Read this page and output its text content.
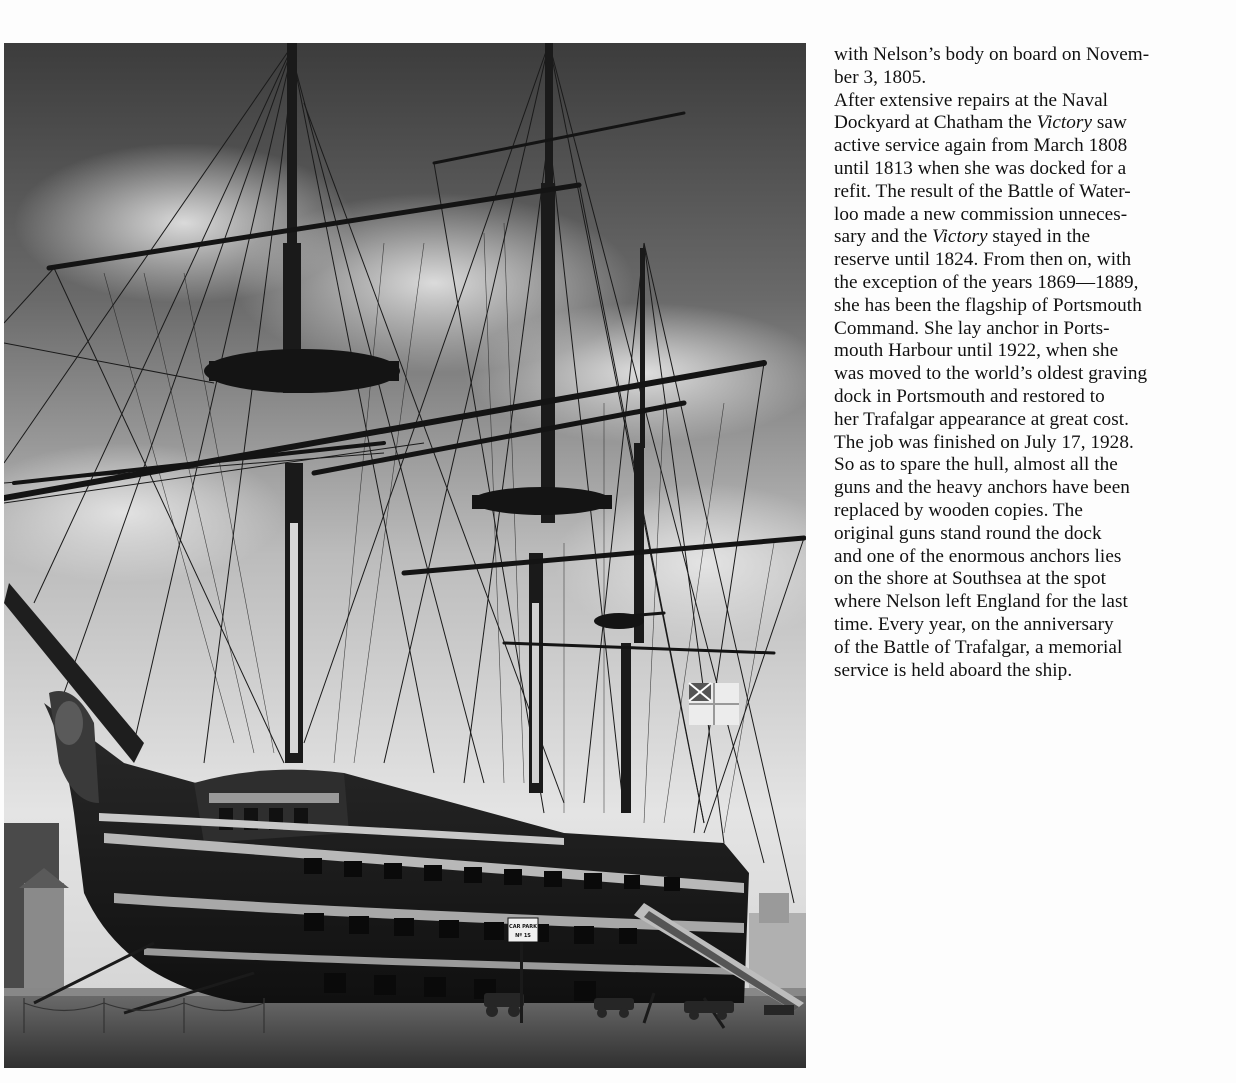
CAR PARK
Nº 1S
with Nelson’s body on board on Novem-
ber 3, 1805.
After extensive repairs at the Naval
Dockyard at Chatham the Victory saw
active service again from March 1808
until 1813 when she was docked for a
refit. The result of the Battle of Water-
loo made a new commission unneces-
sary and the Victory stayed in the
reserve until 1824. From then on, with
the exception of the years 1869—1889,
she has been the flagship of Portsmouth
Command. She lay anchor in Ports-
mouth Harbour until 1922, when she
was moved to the world’s oldest graving
dock in Portsmouth and restored to
her Trafalgar appearance at great cost.
The job was finished on July 17, 1928.
So as to spare the hull, almost all the
guns and the heavy anchors have been
replaced by wooden copies. The
original guns stand round the dock
and one of the enormous anchors lies
on the shore at Southsea at the spot
where Nelson left England for the last
time. Every year, on the anniversary
of the Battle of Trafalgar, a memorial
service is held aboard the ship.
